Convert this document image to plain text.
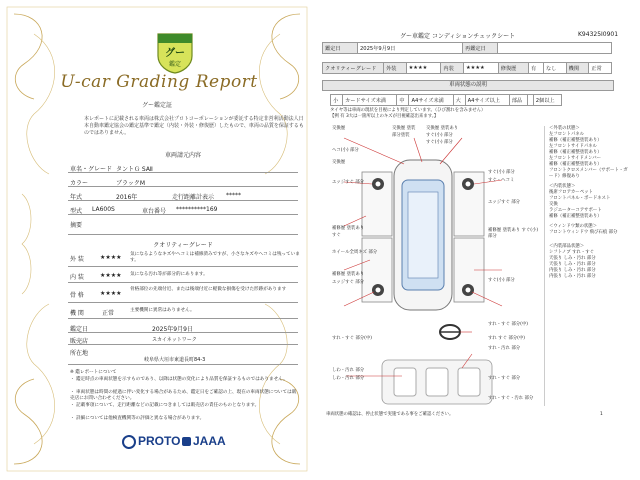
グー
鑑定
U-car Grading Report
グー鑑定証
本レポートに記載される車両は株式会社プロトコーポレーションが委託する特定非営利活動法人日本自動車鑑定協会の鑑定基準で鑑定（内装・外装・修復歴）したもので、車両の品質を保証するものではありません。
車両請元内容
車名・グレード タントＧ SAⅡ
カラー	ブラックM
年式	2016年	走行距離計表示 *****
型式 LA600S	車台番号 **********169
摘要
クオリティーグレード
外 装	★★★★ 気になるようなキズやヘコミは補修済みですが、小さなキズやヘコミは残っています。
内 装	★★★★ 気になる汚れ等が部分的にあります。
骨 格	★★★★
骨格部位の先端付近、または後端付近に軽微な損傷を受けた形跡があります
機 関	正常	主要機関に異常はありません。
鑑定日	2025年9月9日
販売店	スカイネットワーク
所在地
岐阜県大垣市東道長町84-3
※ 鑑レポートについて
・ 鑑定時点の車両状態を示すものであり、以降は状態の変化により品質を保証するものではありません。
・ 車両状態は時間の経過に伴い変化する場合があるため、鑑定日をご確認の上、現在の車両状態については販売店にお問い合わせください。
・ 記載事項について、走行距離などの記載につきましては販売店の責任のものとなります。
・ 詳細については他検査機関等の評価と異なる場合があります。
PROTO	JAAA
グー車鑑定 コンディションチェックシート	K94325I0901
鑑定日	2025年9月9日	再鑑定日	
クオリティーグレード	外装	★★★★	内装	★★★★	修復歴	有	なし	機関	正常
車両状態の説明
小	カードサイズ未満	中	A4サイズ未満	大	A4サイズ以上	部品		2個以上
タイヤ等は車両の現状を目視により判定しています。（ひび割れを含みません）
【例 有 3大は一箇所以上のキズが目視確認出来ます。】
交換歴	交換歴 塗装
部分塗装
交換歴 塗装あり
すぐ(小) 部分
すぐ(小) 部分
ヘコ(小) 部分
交換歴
エッジすぐ 部分
すぐ(小) 部分
すぐ・ヘコミ
エッジすぐ 部分
補修歴 塗装あり
すぐ
ホイール全周キズ 部分
補修歴 塗装あり すぐ(小) 部分
補修歴 塗装あり
エッジすぐ 部分	すぐ(小) 部分
すれ・すぐ 部分(中)
すれ・すぐ 部分(中)	すれ すぐ 部分(中)
すれ・汚れ 部分
しわ・汚れ 部分
しわ・汚れ 部分	すれ・すぐ 部分
すれ・すぐ・汚れ 部分
＜外装の状態＞
左フロントパネル
補修（補正補整塗装あり）
左フロントサイドパネル
補修（補正補整塗装あり）
左フロントサイドメンバー
補修（補正補整塗装あり）
フロントクロスメンバー（サポート・ガ
ード）修復あり
＜内装状態＞
後席フロアカーペット
フロントパネル・ボードネスト
交換
ラジエーターコアサポート
補修（補正補整塗装あり）
＜ウィンドウ類の状態＞
フロントウィンドウ 飛び石痕 部分
＜内装部品状態＞
シフトノブ すれ・すぐ
天張り しみ・汚れ 部分
天張り しみ・汚れ 部分
内張り しみ・汚れ 部分
内張り しみ・汚れ 部分
車両状態の確認は、停止状態で実施である事をご確認ください。	1
